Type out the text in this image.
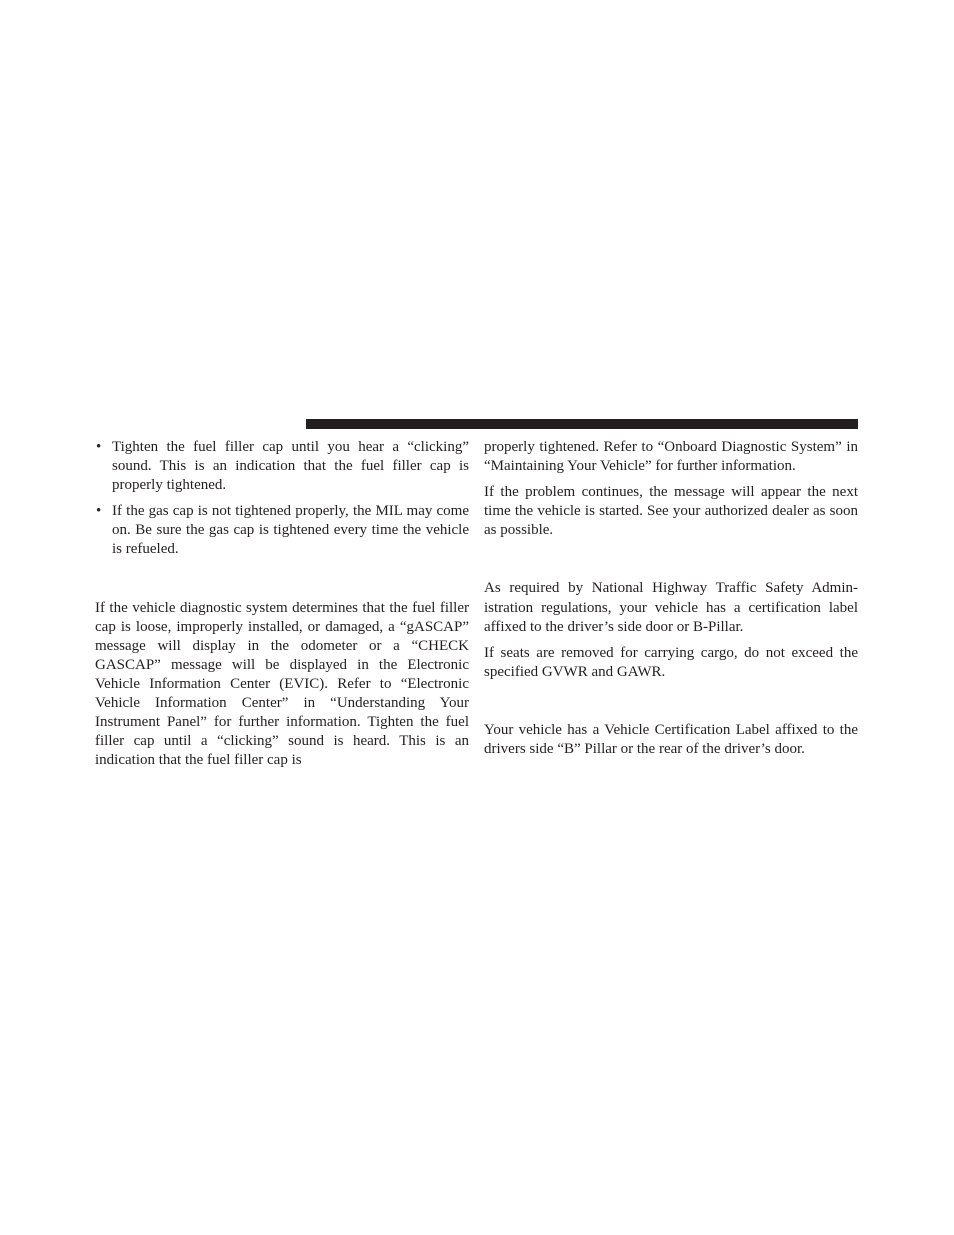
• Tighten the fuel filler cap until you hear a “clicking” sound. This is an indication that the fuel filler cap is properly tightened.
• If the gas cap is not tightened properly, the MIL may come on. Be sure the gas cap is tightened every time the vehicle is refueled.

If the vehicle diagnostic system determines that the fuel filler cap is loose, improperly installed, or damaged, a “gASCAP” message will display in the odometer or a “CHECK GASCAP” message will be displayed in the Electronic Vehicle Information Center (EVIC). Refer to “Electronic Vehicle Information Center” in “Understanding Your Instrument Panel” for further information. Tighten the fuel filler cap until a “clicking” sound is heard. This is an indication that the fuel filler cap is

properly tightened. Refer to “Onboard Diagnostic System” in “Maintaining Your Vehicle” for further information.

If the problem continues, the message will appear the next time the vehicle is started. See your authorized dealer as soon as possible.

As required by National Highway Traffic Safety Administration regulations, your vehicle has a certification label affixed to the driver’s side door or B-Pillar.

If seats are removed for carrying cargo, do not exceed the specified GVWR and GAWR.

Your vehicle has a Vehicle Certification Label affixed to the drivers side “B” Pillar or the rear of the driver’s door.
